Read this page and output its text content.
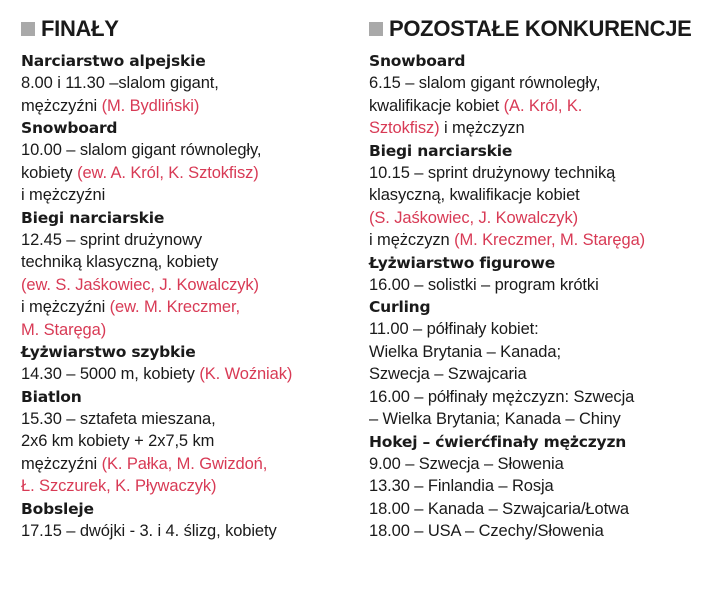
FINAŁY
Narciarstwo alpejskie
8.00 i 11.30 –slalom gigant,
mężczyźni (M. Bydliński)
Snowboard
10.00 – slalom gigant równoległy,
kobiety (ew. A. Król, K. Sztokfisz)
i mężczyźni
Biegi narciarskie
12.45 – sprint drużynowy
techniką klasyczną, kobiety
(ew. S. Jaśkowiec, J. Kowalczyk)
i mężczyźni (ew. M. Kreczmer,
M. Staręga)
Łyżwiarstwo szybkie
14.30 – 5000 m, kobiety (K. Woźniak)
Biatlon
15.30 – sztafeta mieszana,
2x6 km kobiety + 2x7,5 km
mężczyźni (K. Pałka, M. Gwizdoń,
Ł. Szczurek, K. Pływaczyk)
Bobsleje
17.15 – dwójki - 3. i 4. ślizg, kobiety
POZOSTAŁE KONKURENCJE
Snowboard
6.15 – slalom gigant równoległy,
kwalifikacje kobiet (A. Król, K.
Sztokfisz) i mężczyzn
Biegi narciarskie
10.15 – sprint drużynowy techniką
klasyczną, kwalifikacje kobiet
(S. Jaśkowiec, J. Kowalczyk)
i mężczyzn (M. Kreczmer, M. Staręga)
Łyżwiarstwo figurowe
16.00 – solistki – program krótki
Curling
11.00 – półfinały kobiet:
Wielka Brytania – Kanada;
Szwecja – Szwajcaria
16.00 – półfinały mężczyzn: Szwecja
– Wielka Brytania; Kanada – Chiny
Hokej – ćwierćfinały mężczyzn
9.00 – Szwecja – Słowenia
13.30 – Finlandia – Rosja
18.00 – Kanada – Szwajcaria/Łotwa
18.00 – USA – Czechy/Słowenia
